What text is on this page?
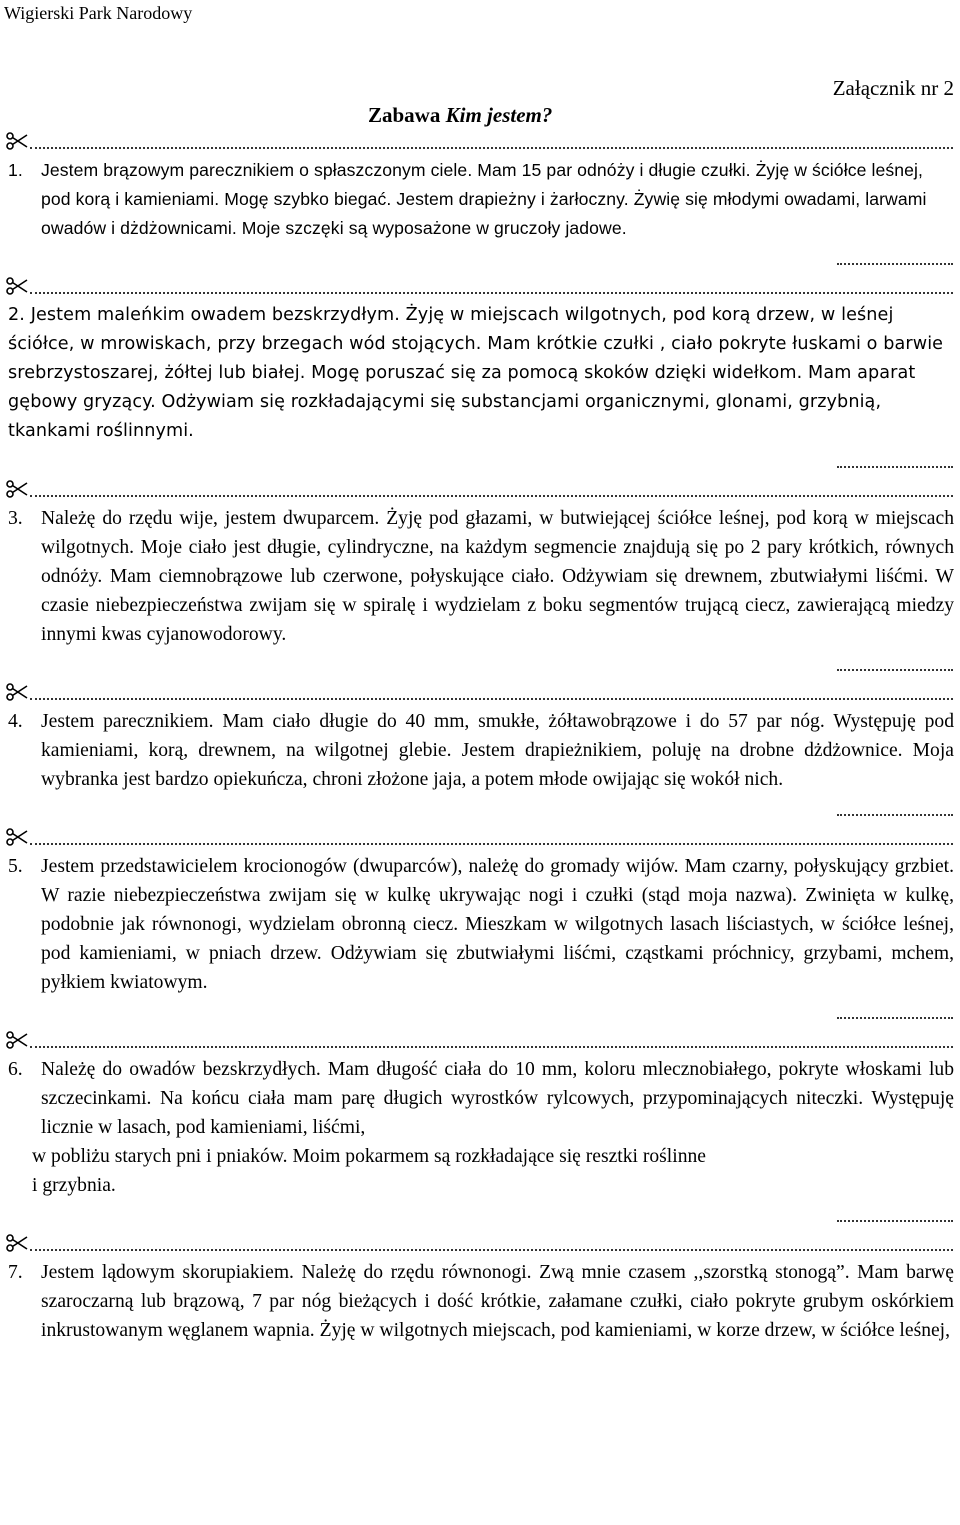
Wigierski Park Narodowy
Załącznik nr 2
Zabawa Kim jestem?
1.	Jestem brązowym parecznikiem o spłaszczonym ciele. Mam 15 par odnóży i długie czułki. Żyję w ściółce leśnej, pod korą i kamieniami. Mogę szybko biegać. Jestem drapieżny i żarłoczny. Żywię się młodymi owadami, larwami owadów i dżdżownicami. Moje szczęki są wyposażone w gruczoły jadowe.
2. Jestem maleńkim owadem bezskrzydłym. Żyję w miejscach wilgotnych, pod korą drzew, w leśnej ściółce, w mrowiskach, przy brzegach wód stojących. Mam krótkie czułki , ciało pokryte łuskami o barwie srebrzystoszarej, żółtej lub białej. Mogę poruszać się za pomocą skoków dzięki widełkom. Mam aparat gębowy gryzący. Odżywiam się rozkładającymi się substancjami organicznymi, glonami, grzybnią, tkankami roślinnymi.
3. Należę do rzędu wije, jestem dwuparcem. Żyję pod głazami, w butwiejącej ściółce leśnej, pod korą w miejscach wilgotnych. Moje ciało jest długie, cylindryczne, na każdym segmencie znajdują się po 2 pary krótkich, równych odnóży. Mam ciemnobrązowe lub czerwone, połyskujące ciało. Odżywiam się drewnem, zbutwiałymi liśćmi. W czasie niebezpieczeństwa zwijam się w spiralę i wydzielam z boku segmentów trującą ciecz, zawierającą miedzy innymi kwas cyjanowodorowy.
4. Jestem parecznikiem. Mam ciało długie do 40 mm, smukłe, żółtawobrązowe i do 57 par nóg. Występuję pod kamieniami, korą, drewnem, na wilgotnej glebie. Jestem drapieżnikiem, poluję na drobne dżdżownice. Moja wybranka jest bardzo opiekuńcza, chroni złożone jaja, a potem młode owijając się wokół nich.
5. Jestem przedstawicielem krocionogów (dwuparców), należę do gromady wijów. Mam czarny, połyskujący grzbiet. W razie niebezpieczeństwa zwijam się w kulkę ukrywając nogi i czułki (stąd moja nazwa). Zwinięta w kulkę, podobnie jak równonogi, wydzielam obronną ciecz. Mieszkam w wilgotnych lasach liściastych, w ściółce leśnej, pod kamieniami, w pniach drzew. Odżywiam się zbutwiałymi liśćmi, cząstkami próchnicy, grzybami, mchem, pyłkiem kwiatowym.
6. Należę do owadów bezskrzydłych. Mam długość ciała do 10 mm, koloru mlecznobiałego, pokryte włoskami lub szczecinkami. Na końcu ciała mam parę długich wyrostków rylcowych, przypominających niteczki. Występuję licznie w lasach, pod kamieniami, liśćmi,
w pobliżu starych pni i pniaków. Moim pokarmem są rozkładające się resztki roślinne
i grzybnia.
7. Jestem lądowym skorupiakiem. Należę do rzędu równonogi. Zwą mnie czasem ,,szorstką stonogą”. Mam barwę szaroczarną lub brązową, 7 par nóg bieżących i dość krótkie, załamane czułki, ciało pokryte grubym oskórkiem inkrustowanym węglanem wapnia. Żyję w wilgotnych miejscach, pod kamieniami, w korze drzew, w ściółce leśnej,
